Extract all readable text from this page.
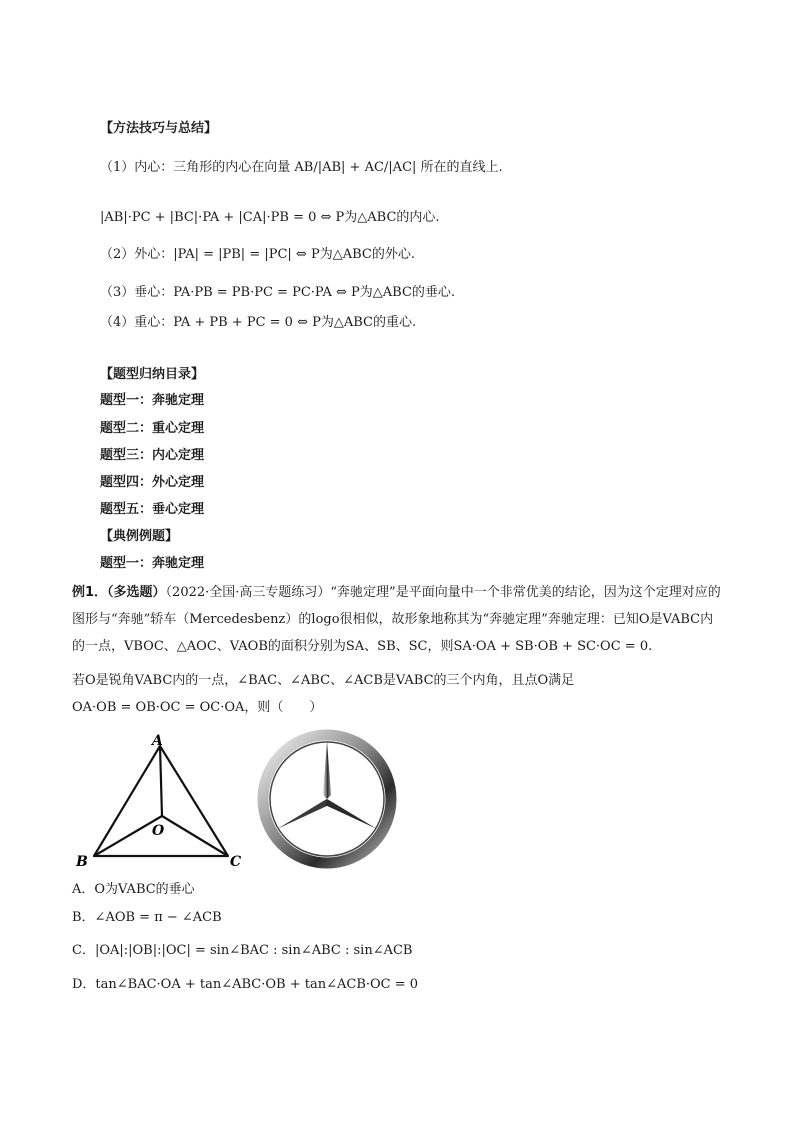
【方法技巧与总结】
（1）内心：三角形的内心在向量 AB/|AB| + AC/|AC| 所在的直线上.
|AB|·PC + |BC|·PA + |CA|·PB = 0 ⇔ P为△ABC的内心.
（2）外心：|PA| = |PB| = |PC| ⇔ P为△ABC的外心.
（3）垂心：PA·PB = PB·PC = PC·PA ⇔ P为△ABC的垂心.
（4）重心：PA + PB + PC = 0 ⇔ P为△ABC的重心.
【题型归纳目录】
题型一：奔驰定理
题型二：重心定理
题型三：内心定理
题型四：外心定理
题型五：垂心定理
【典例例题】
题型一：奔驰定理
例1．（多选题）（2022·全国·高三专题练习）“奔驰定理”是平面向量中一个非常优美的结论，因为这个定理对应的图形与“奔驰”轿车（Mercedesbenz）的logo很相似，故形象地称其为“奔驰定理”奔驰定理：已知O是VABC内的一点，VBOC、△AOC、VAOB的面积分别为SA、SB、SC，则SA·OA + SB·OB + SC·OC = 0.
若O是锐角VABC内的一点，∠BAC、∠ABC、∠ACB是VABC的三个内角，且点O满足
OA·OB = OB·OC = OC·OA，则（　　）
A
B	C
O
A．O为VABC的垂心
B．∠AOB = π − ∠ACB
C．|OA|:|OB|:|OC| = sin∠BAC : sin∠ABC : sin∠ACB
D．tan∠BAC·OA + tan∠ABC·OB + tan∠ACB·OC = 0
